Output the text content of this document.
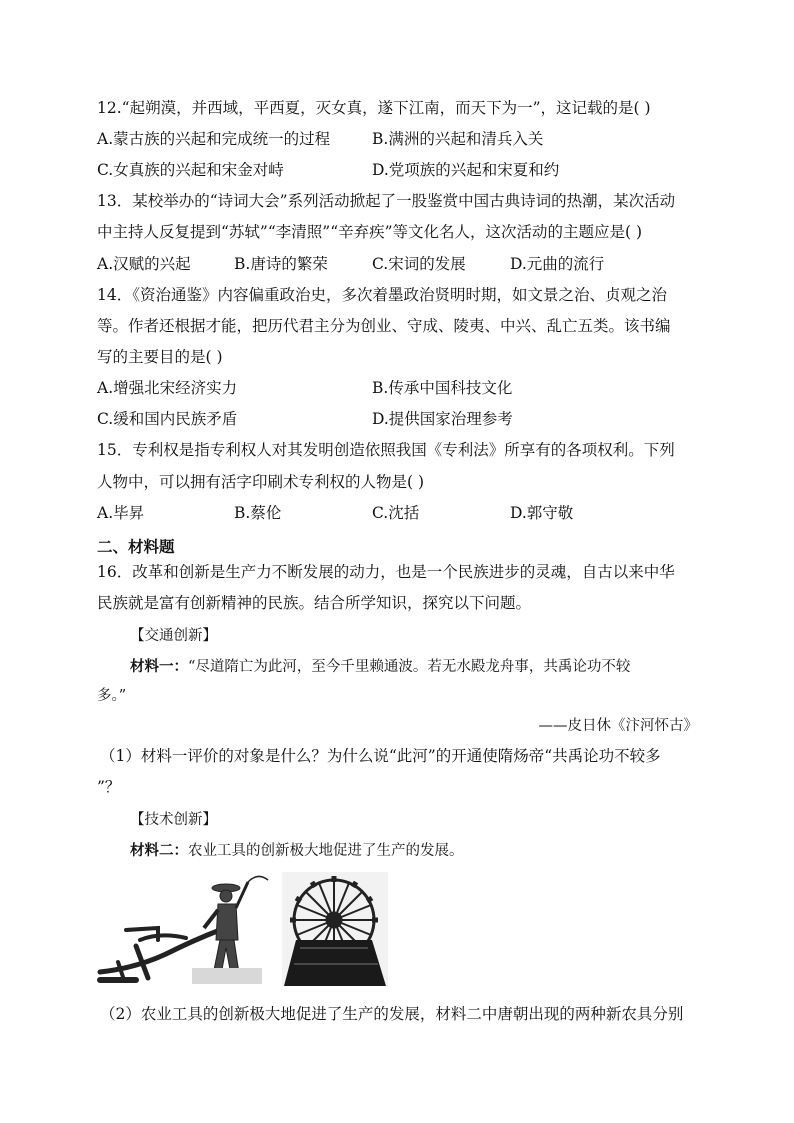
12.“起朔漠，并西域，平西夏，灭女真，遂下江南，而天下为一”，这记载的是( )
A.蒙古族的兴起和完成统一的过程	B.满洲的兴起和清兵入关
C.女真族的兴起和宋金对峙	D.党项族的兴起和宋夏和约
13．某校举办的“诗词大会”系列活动掀起了一股鉴赏中国古典诗词的热潮，某次活动
中主持人反复提到“苏轼”“李清照”“辛弃疾”等文化名人，这次活动的主题应是( )
A.汉赋的兴起	B.唐诗的繁荣	C.宋词的发展	D.元曲的流行
14．《资治通鉴》内容偏重政治史，多次着墨政治贤明时期，如文景之治、贞观之治
等。作者还根据才能，把历代君主分为创业、守成、陵夷、中兴、乱亡五类。该书编
写的主要目的是( )
A.增强北宋经济实力	B.传承中国科技文化
C.缓和国内民族矛盾	D.提供国家治理参考
15．专利权是指专利权人对其发明创造依照我国《专利法》所享有的各项权利。下列
人物中，可以拥有活字印刷术专利权的人物是( )
A.毕昇	B.蔡伦	C.沈括	D.郭守敬
二、材料题
16．改革和创新是生产力不断发展的动力，也是一个民族进步的灵魂，自古以来中华
民族就是富有创新精神的民族。结合所学知识，探究以下问题。
【交通创新】
材料一：“尽道隋亡为此河，至今千里赖通波。若无水殿龙舟事，共禹论功不较
多。”
——皮日休《汴河怀古》
（1）材料一评价的对象是什么？为什么说“此河”的开通使隋炀帝“共禹论功不较多
”？
【技术创新】
材料二：农业工具的创新极大地促进了生产的发展。
（2）农业工具的创新极大地促进了生产的发展，材料二中唐朝出现的两种新农具分别
